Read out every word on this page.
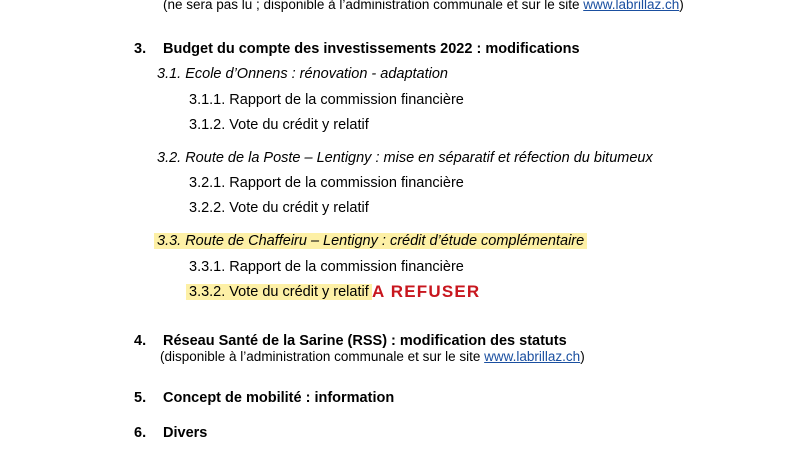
(ne sera pas lu ; disponible à l’administration communale et sur le site www.labrillaz.ch)
3. Budget du compte des investissements 2022 : modifications
3.1. Ecole d’Onnens : rénovation - adaptation
3.1.1. Rapport de la commission financière
3.1.2. Vote du crédit y relatif
3.2. Route de la Poste – Lentigny : mise en séparatif et réfection du bitumeux
3.2.1. Rapport de la commission financière
3.2.2. Vote du crédit y relatif
3.3. Route de Chaffeiru – Lentigny : crédit d’étude complémentaire
3.3.1. Rapport de la commission financière
3.3.2. Vote du crédit y relatif A REFUSER
4. Réseau Santé de la Sarine (RSS) : modification des statuts
(disponible à l’administration communale et sur le site www.labrillaz.ch)
5. Concept de mobilité : information
6. Divers
